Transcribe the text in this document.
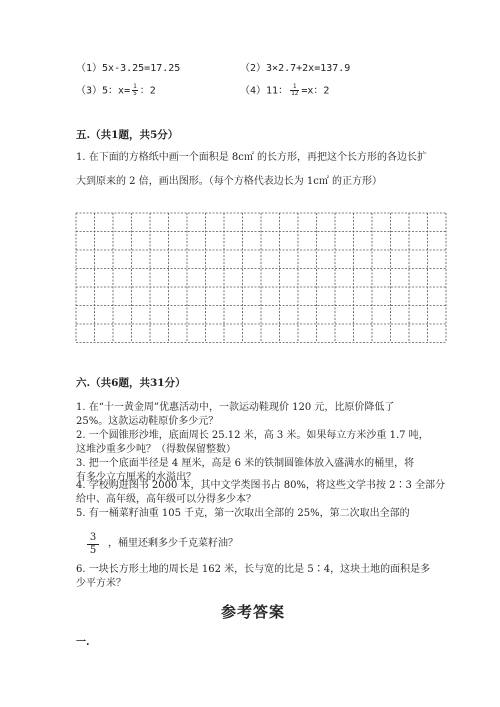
（1）5x-3.25=17.25	（2）3×2.7+2x=137.9
（3）5：$x= \frac{1}{5}$ ：2	（4）11： $\frac{1}{12} =x$：2
五.（共1题，共5分）
1. 在下面的方格纸中画一个面积是 8c㎡ 的长方形，再把这个长方形的各边长扩
大到原来的 2 倍，画出图形。（每个方格代表边长为 1c㎡ 的正方形）
六.（共6题，共31分）
1. 在“十一黄金周”优惠活动中，一款运动鞋现价 120 元，比原价降低了
25%。这款运动鞋原价多少元？
2. 一个圆锥形沙堆，底面周长 25.12 米，高 3 米。如果每立方米沙重 1.7 吨，
这堆沙重多少吨？（得数保留整数）
3. 把一个底面半径是 4 厘米，高是 6 米的铁制圆锥体放入盛满水的桶里，将
有多少立方厘米的水溢出？
4. 学校购进图书 2000 本，其中文学类图书占 80%，将这些文学书按 2∶3 全部分
给中、高年级，高年级可以分得多少本？
5. 有一桶菜籽油重 105 千克，第一次取出全部的 25%，第二次取出全部的
$\frac{3}{5}$ ，桶里还剩多少千克菜籽油？
6. 一块长方形土地的周长是 162 米，长与宽的比是 5∶4，这块土地的面积是多
少平方米？
参考答案
一.
